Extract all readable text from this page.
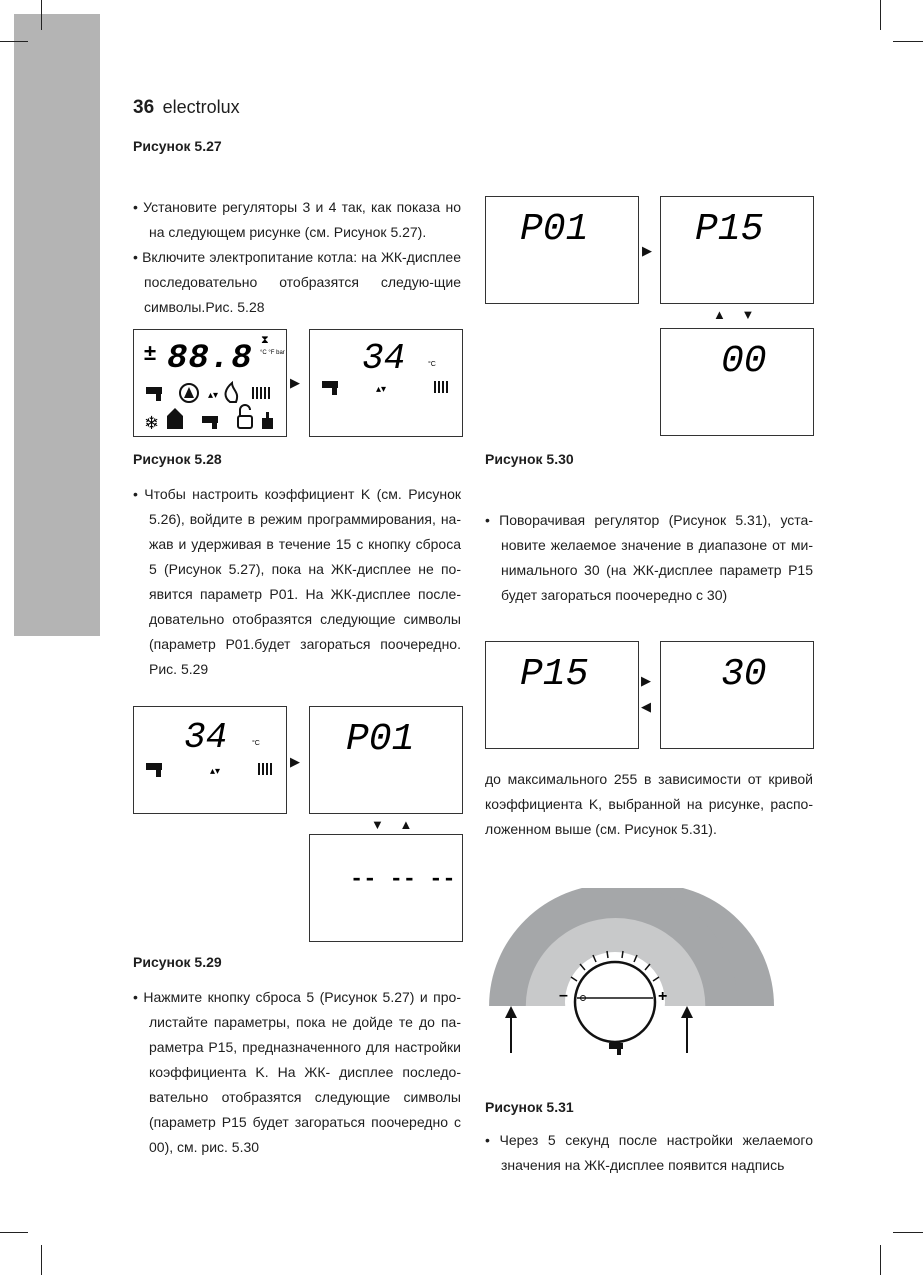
36 electrolux
Рисунок 5.27

• Установите регуляторы 3 и 4 так, как показа но на следующем рисунке (см. Рисунок 5.27).

• Включите электропитание котла: на ЖК-дисплее последовательно отобразятся следую-щие символы.Рис. 5.28

± 88.8 ⧗
°C °F bar
▴▾
❄
▶
34	°C
▴▾
Рисунок 5.28

• Чтобы настроить коэффициент K (см. Рисунок 5.26), войдите в режим программирования, на-жав и удерживая в течение 15 с кнопку сброса 5 (Рисунок 5.27), пока на ЖК-дисплее не по-явится параметр P01. На ЖК-дисплее после-довательно отобразятся следующие символы (параметр P01.будет загораться поочередно. Рис. 5.29

34	°C
▴▾
▶
P01
▼ ▲
-- -- --
Рисунок 5.29

• Нажмите кнопку сброса 5 (Рисунок 5.27) и про-листайте параметры, пока не дойде те до па-раметра P15, предназначенного для настройки коэффициента K. На ЖК- дисплее последо-вательно отобразятся следующие символы (параметр P15 будет загораться поочередно с 00), см. рис. 5.30

P01	▶ P15
▲ ▼
00
Рисунок 5.30

• Поворачивая регулятор (Рисунок 5.31), уста-новите желаемое значение в диапазоне от ми-нимального 30 (на ЖК-дисплее параметр P15 будет загораться поочередно с 30)

P15	▶
◀
30

до максимального 255 в зависимости от кривой коэффициента K, выбранной на рисунке, распо-ложенном выше (см. Рисунок 5.31).

–	+
Рисунок 5.31

• Через 5 секунд после настройки желаемого значения на ЖК-дисплее появится надпись
